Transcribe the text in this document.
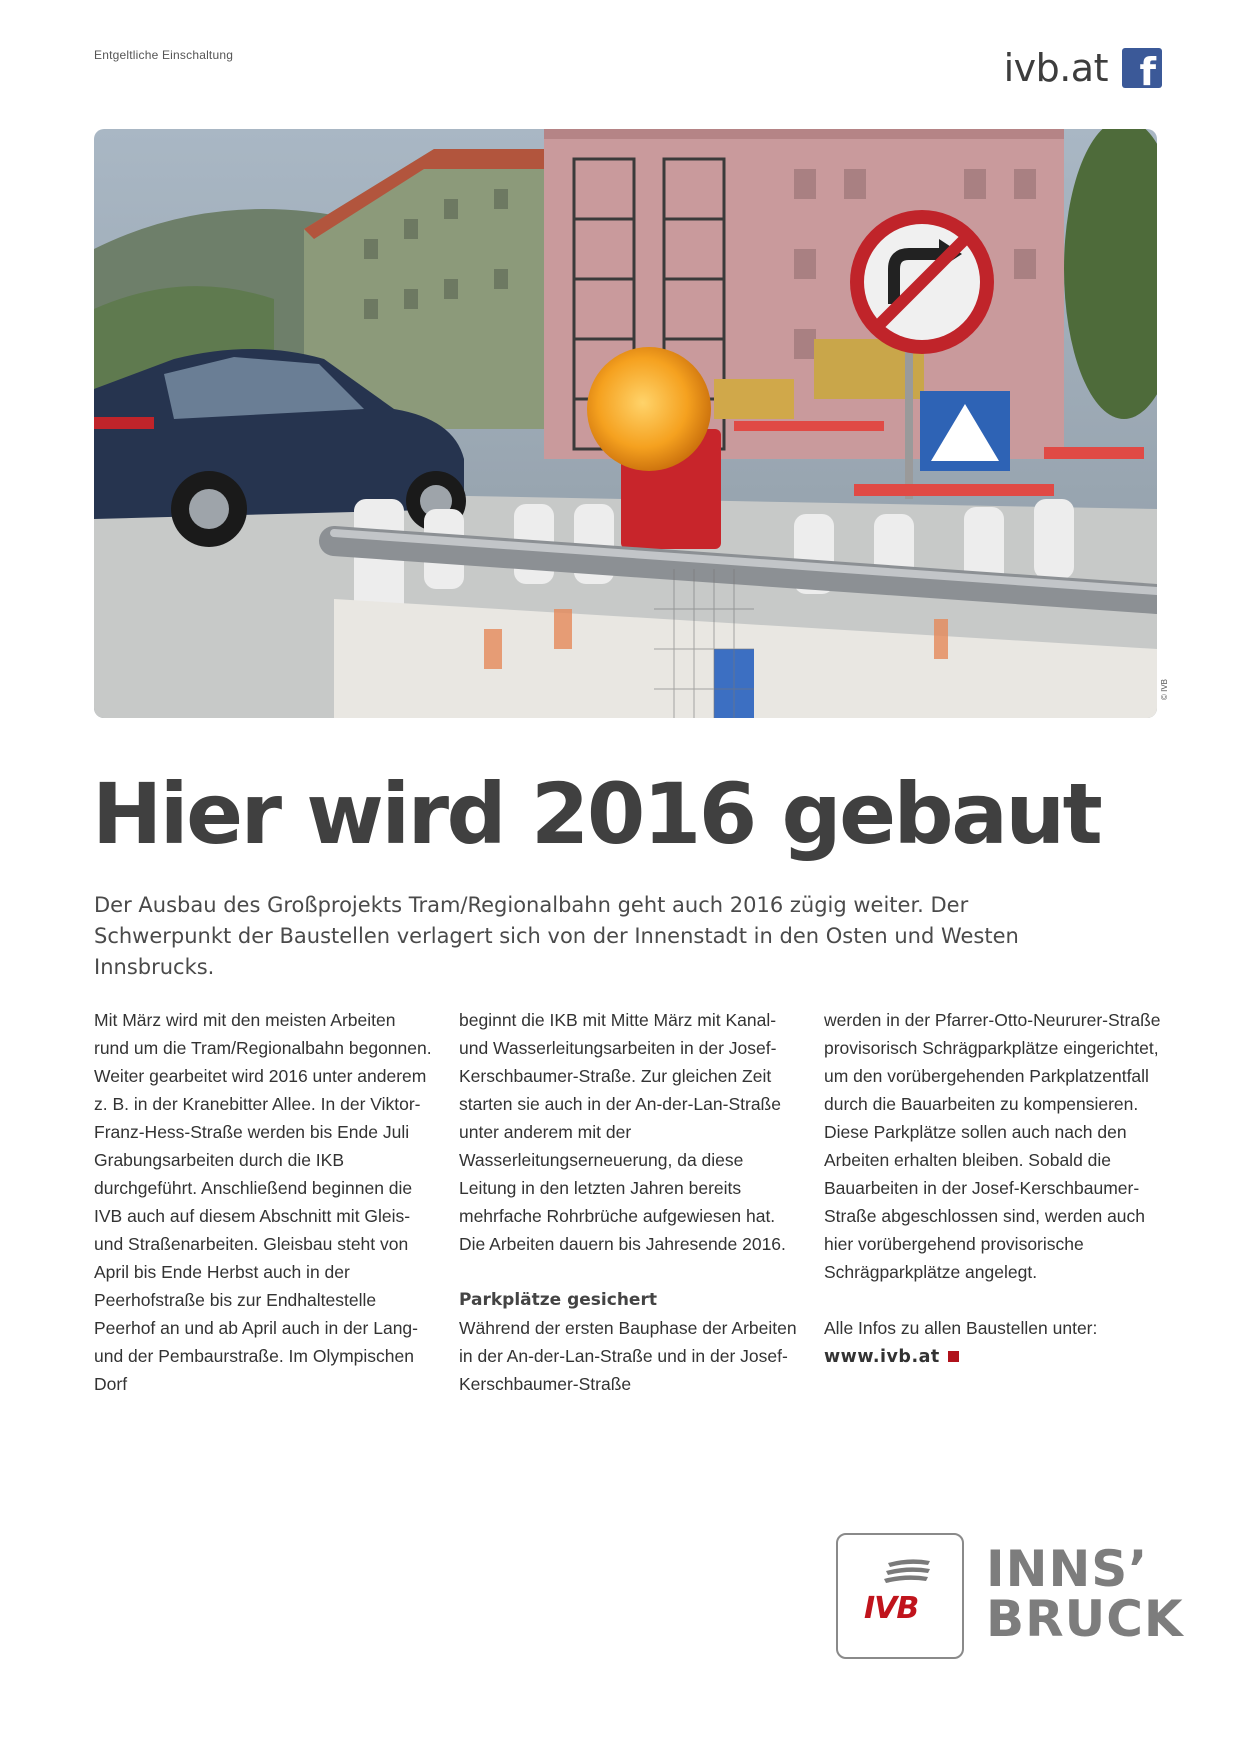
Entgeltliche Einschaltung	ivb.at f
© IVB
Hier wird 2016 gebaut

Der Ausbau des Großprojekts Tram/Regionalbahn geht auch 2016 zügig weiter. Der Schwerpunkt der Baustellen verlagert sich von der Innenstadt in den Osten und Westen Innsbrucks.

Mit März wird mit den meisten Arbeiten rund um die Tram/Regionalbahn begonnen. Weiter gearbeitet wird 2016 unter anderem z. B. in der Kranebitter Allee. In der Viktor-Franz-Hess-Straße werden bis Ende Juli Grabungsarbeiten durch die IKB durchgeführt. Anschließend beginnen die IVB auch auf diesem Abschnitt mit Gleis- und Straßenarbeiten. Gleisbau steht von April bis Ende Herbst auch in der Peerhofstraße bis zur Endhaltestelle Peerhof an und ab April auch in der Lang- und der Pembaurstraße. Im Olympischen Dorf

beginnt die IKB mit Mitte März mit Kanal- und Wasserleitungsarbeiten in der Josef-Kerschbaumer-Straße. Zur gleichen Zeit starten sie auch in der An-der-Lan-Straße unter anderem mit der Wasserleitungserneuerung, da diese Leitung in den letzten Jahren bereits mehrfache Rohrbrüche aufgewiesen hat. Die Arbeiten dauern bis Jahresende 2016.

Parkplätze gesichert

Während der ersten Bauphase der Arbeiten in der An-der-Lan-Straße und in der Josef-Kerschbaumer-Straße

werden in der Pfarrer-Otto-Neururer-Straße provisorisch Schrägparkplätze eingerichtet, um den vorübergehenden Parkplatzentfall durch die Bauarbeiten zu kompensieren. Diese Parkplätze sollen auch nach den Arbeiten erhalten bleiben. Sobald die Bauarbeiten in der Josef-Kerschbaumer-Straße abgeschlossen sind, werden auch hier vorübergehend provisorische Schrägparkplätze angelegt.

Alle Infos zu allen Baustellen unter:

www.ivb.at

IVB
INNS’
BRUCK
